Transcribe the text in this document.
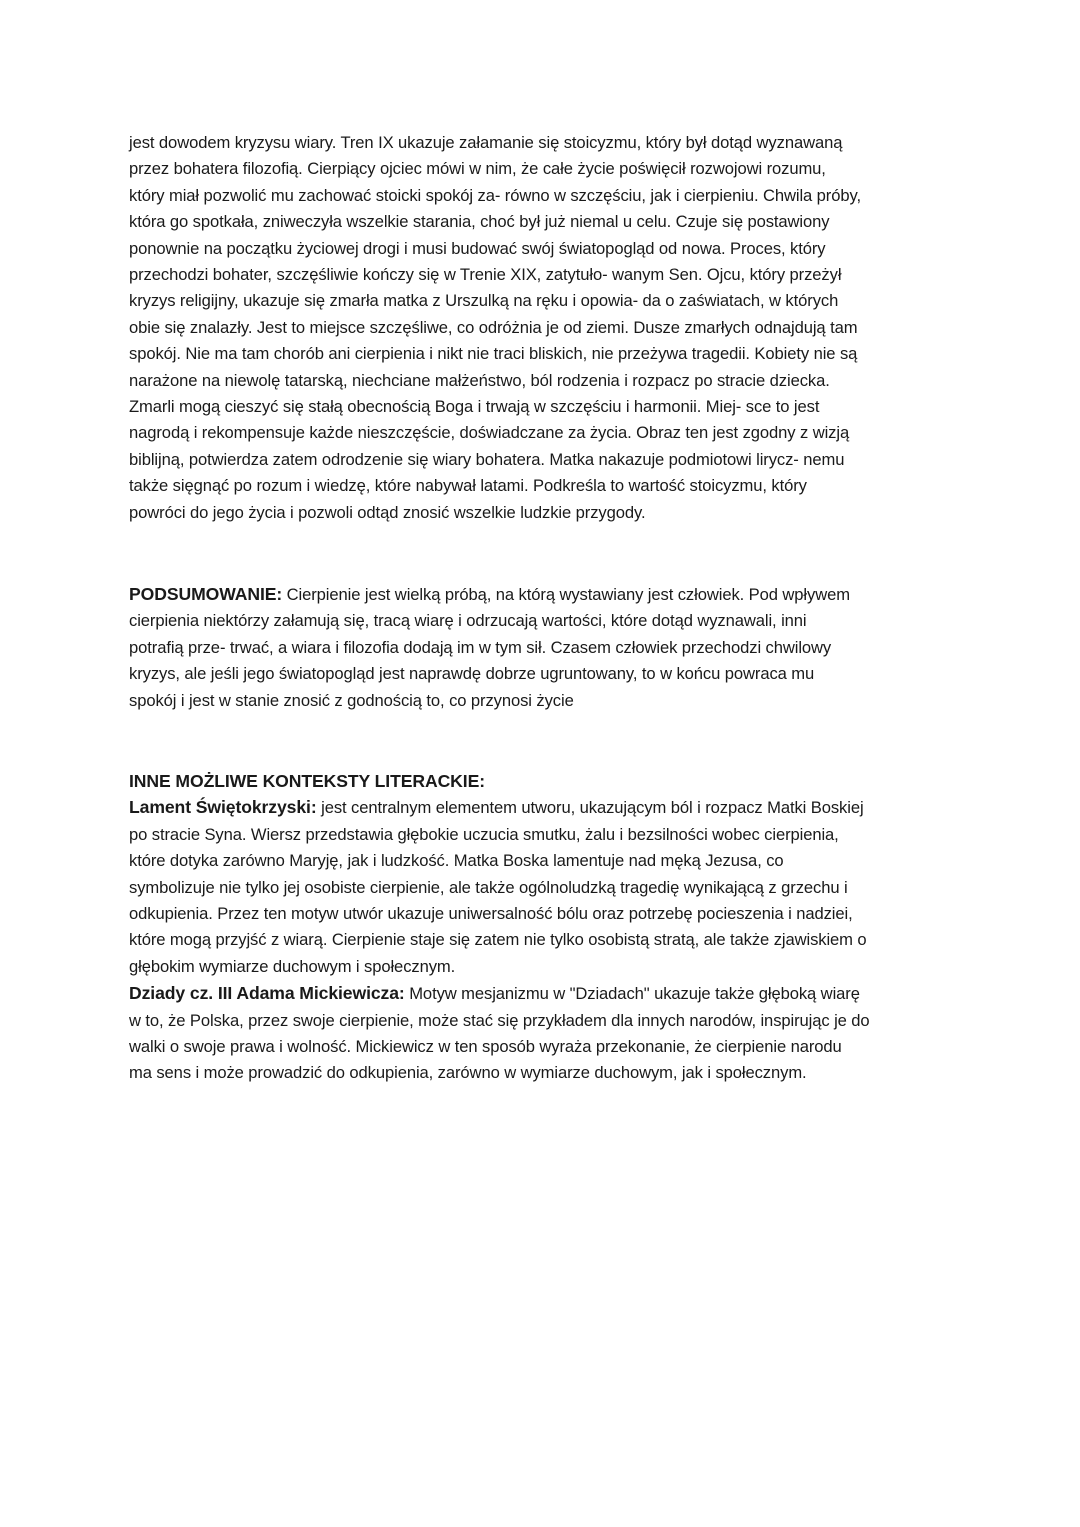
jest dowodem kryzysu wiary. Tren IX ukazuje załamanie się stoicyzmu, który był dotąd wyznawaną
przez bohatera filozofią. Cierpiący ojciec mówi w nim, że całe życie poświęcił rozwojowi rozumu,
który miał pozwolić mu zachować stoicki spokój za- równo w szczęściu, jak i cierpieniu. Chwila próby,
która go spotkała, zniweczyła wszelkie starania, choć był już niemal u celu. Czuje się postawiony
ponownie na początku życiowej drogi i musi budować swój światopogląd od nowa. Proces, który
przechodzi bohater, szczęśliwie kończy się w Trenie XIX, zatytuło- wanym Sen. Ojcu, który przeżył
kryzys religijny, ukazuje się zmarła matka z Urszulką na ręku i opowia- da o zaświatach, w których
obie się znalazły. Jest to miejsce szczęśliwe, co odróżnia je od ziemi. Dusze zmarłych odnajdują tam
spokój. Nie ma tam chorób ani cierpienia i nikt nie traci bliskich, nie przeżywa tragedii. Kobiety nie są
narażone na niewolę tatarską, niechciane małżeństwo, ból rodzenia i rozpacz po stracie dziecka.
Zmarli mogą cieszyć się stałą obecnością Boga i trwają w szczęściu i harmonii. Miej- sce to jest
nagrodą i rekompensuje każde nieszczęście, doświadczane za życia. Obraz ten jest zgodny z wizją
biblijną, potwierdza zatem odrodzenie się wiary bohatera. Matka nakazuje podmiotowi lirycz- nemu
także sięgnąć po rozum i wiedzę, które nabywał latami. Podkreśla to wartość stoicyzmu, który
powróci do jego życia i pozwoli odtąd znosić wszelkie ludzkie przygody.

PODSUMOWANIE: Cierpienie jest wielką próbą, na którą wystawiany jest człowiek. Pod wpływem
cierpienia niektórzy załamują się, tracą wiarę i odrzucają wartości, które dotąd wyznawali, inni
potrafią prze- trwać, a wiara i filozofia dodają im w tym sił. Czasem człowiek przechodzi chwilowy
kryzys, ale jeśli jego światopogląd jest naprawdę dobrze ugruntowany, to w końcu powraca mu
spokój i jest w stanie znosić z godnością to, co przynosi życie

INNE MOŻLIWE KONTEKSTY LITERACKIE:

Lament Świętokrzyski: jest centralnym elementem utworu, ukazującym ból i rozpacz Matki Boskiej
po stracie Syna. Wiersz przedstawia głębokie uczucia smutku, żalu i bezsilności wobec cierpienia,
które dotyka zarówno Maryję, jak i ludzkość. Matka Boska lamentuje nad męką Jezusa, co
symbolizuje nie tylko jej osobiste cierpienie, ale także ogólnoludzką tragedię wynikającą z grzechu i
odkupienia. Przez ten motyw utwór ukazuje uniwersalność bólu oraz potrzebę pocieszenia i nadziei,
które mogą przyjść z wiarą. Cierpienie staje się zatem nie tylko osobistą stratą, ale także zjawiskiem o
głębokim wymiarze duchowym i społecznym.

Dziady cz. III Adama Mickiewicza: Motyw mesjanizmu w "Dziadach" ukazuje także głęboką wiarę
w to, że Polska, przez swoje cierpienie, może stać się przykładem dla innych narodów, inspirując je do
walki o swoje prawa i wolność. Mickiewicz w ten sposób wyraża przekonanie, że cierpienie narodu
ma sens i może prowadzić do odkupienia, zarówno w wymiarze duchowym, jak i społecznym.
